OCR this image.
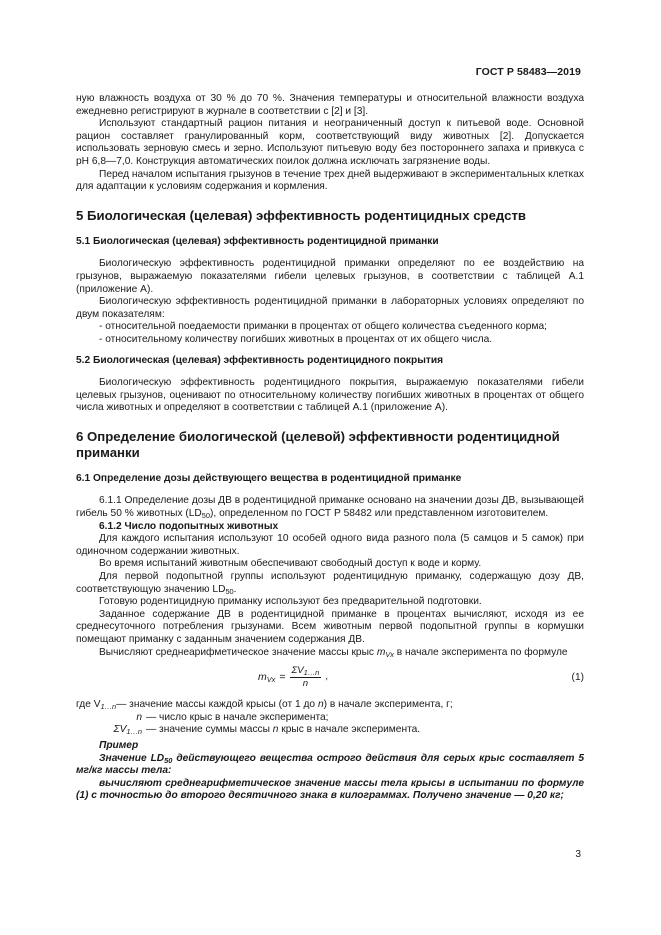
ГОСТ Р 58483—2019

ную влажность воздуха от 30 % до 70 %. Значения температуры и относительной влажности воздуха ежедневно регистрируют в журнале в соответствии с [2] и [3].

Используют стандартный рацион питания и неограниченный доступ к питьевой воде. Основной рацион составляет гранулированный корм, соответствующий виду животных [2]. Допускается использовать зерновую смесь и зерно. Используют питьевую воду без постороннего запаха и привкуса с pH 6,8—7,0. Конструкция автоматических поилок должна исключать загрязнение воды.

Перед началом испытания грызунов в течение трех дней выдерживают в экспериментальных клетках для адаптации к условиям содержания и кормления.

5 Биологическая (целевая) эффективность родентицидных средств

5.1 Биологическая (целевая) эффективность родентицидной приманки

Биологическую эффективность родентицидной приманки определяют по ее воздействию на грызунов, выражаемую показателями гибели целевых грызунов, в соответствии с таблицей А.1 (приложение А).

Биологическую эффективность родентицидной приманки в лабораторных условиях определяют по двум показателям:

- относительной поедаемости приманки в процентах от общего количества съеденного корма;

- относительному количеству погибших животных в процентах от их общего числа.

5.2 Биологическая (целевая) эффективность родентицидного покрытия

Биологическую эффективность родентицидного покрытия, выражаемую показателями гибели целевых грызунов, оценивают по относительному количеству погибших животных в процентах от общего числа животных и определяют в соответствии с таблицей А.1 (приложение А).

6 Определение биологической (целевой) эффективности родентицидной приманки

6.1 Определение дозы действующего вещества в родентицидной приманке

6.1.1 Определение дозы ДВ в родентицидной приманке основано на значении дозы ДВ, вызывающей гибель 50 % животных $(LD_{50})$, определенном по ГОСТ Р 58482 или представленном изготовителем.

6.1.2 Число подопытных животных

Для каждого испытания используют 10 особей одного вида разного пола (5 самцов и 5 самок) при одиночном содержании животных.

Во время испытаний животным обеспечивают свободный доступ к воде и корму.

Для первой подопытной группы используют родентицидную приманку, содержащую дозу ДВ, соответствующую значению $LD_{50}$.

Готовую родентицидную приманку используют без предварительной подготовки.

Заданное содержание ДВ в родентицидной приманке в процентах вычисляют, исходя из ее среднесуточного потребления грызунами. Всем животным первой подопытной группы в кормушки помещают приманку с заданным значением содержания ДВ.

Вычисляют среднеарифметическое значение массы крыс $m_{Vx}$ в начале эксперимента по формуле

$m_{Vx} = \frac{\Sigma V_{1\dots n}}{n}$ ,	(1)
где $V_{1\dots n}$ — значение массы каждой крысы (от 1 до n) в начале эксперимента, г;
n — число крыс в начале эксперимента;
$\Sigma V_{1\dots n}$ — значение суммы массы n крыс в начале эксперимента.

Пример

Значение $LD_{50}$ действующего вещества острого действия для серых крыс составляет 5 мг/кг массы тела:

вычисляют среднеарифметическое значение массы тела крысы в испытании по формуле (1) с точностью до второго десятичного знака в килограммах. Получено значение — 0,20 кг;

3
